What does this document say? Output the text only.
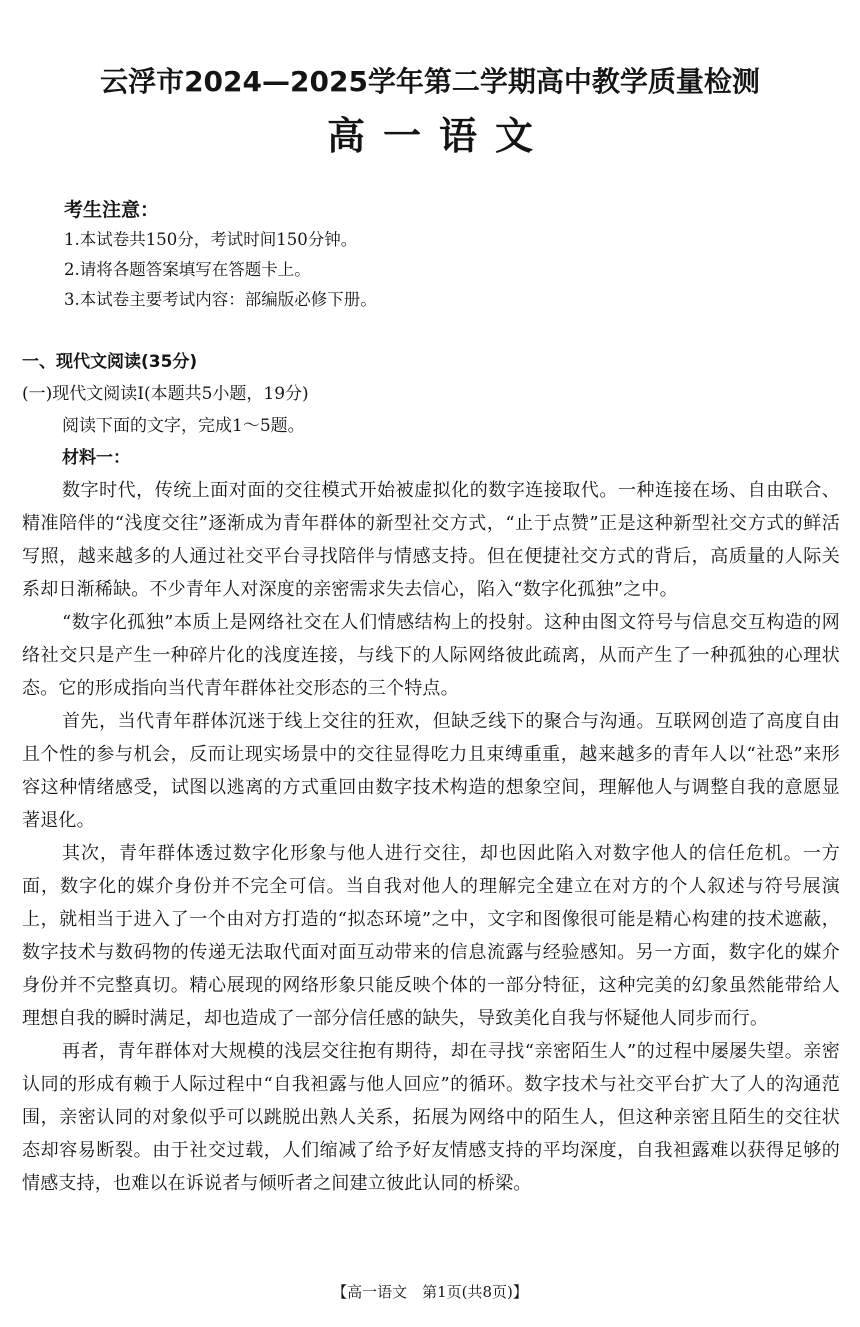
云浮市2024—2025学年第二学期高中教学质量检测
高一语文
考生注意：
1.本试卷共150分，考试时间150分钟。
2.请将各题答案填写在答题卡上。
3.本试卷主要考试内容：部编版必修下册。
一、现代文阅读(35分)
(一)现代文阅读Ⅰ(本题共5小题，19分)
阅读下面的文字，完成1～5题。
材料一：

数字时代，传统上面对面的交往模式开始被虚拟化的数字连接取代。一种连接在场、自由联合、精准陪伴的“浅度交往”逐渐成为青年群体的新型社交方式，“止于点赞”正是这种新型社交方式的鲜活写照，越来越多的人通过社交平台寻找陪伴与情感支持。但在便捷社交方式的背后，高质量的人际关系却日渐稀缺。不少青年人对深度的亲密需求失去信心，陷入“数字化孤独”之中。

“数字化孤独”本质上是网络社交在人们情感结构上的投射。这种由图文符号与信息交互构造的网络社交只是产生一种碎片化的浅度连接，与线下的人际网络彼此疏离，从而产生了一种孤独的心理状态。它的形成指向当代青年群体社交形态的三个特点。

首先，当代青年群体沉迷于线上交往的狂欢，但缺乏线下的聚合与沟通。互联网创造了高度自由且个性的参与机会，反而让现实场景中的交往显得吃力且束缚重重，越来越多的青年人以“社恐”来形容这种情绪感受，试图以逃离的方式重回由数字技术构造的想象空间，理解他人与调整自我的意愿显著退化。

其次，青年群体透过数字化形象与他人进行交往，却也因此陷入对数字他人的信任危机。一方面，数字化的媒介身份并不完全可信。当自我对他人的理解完全建立在对方的个人叙述与符号展演上，就相当于进入了一个由对方打造的“拟态环境”之中，文字和图像很可能是精心构建的技术遮蔽，数字技术与数码物的传递无法取代面对面互动带来的信息流露与经验感知。另一方面，数字化的媒介身份并不完整真切。精心展现的网络形象只能反映个体的一部分特征，这种完美的幻象虽然能带给人理想自我的瞬时满足，却也造成了一部分信任感的缺失，导致美化自我与怀疑他人同步而行。

再者，青年群体对大规模的浅层交往抱有期待，却在寻找“亲密陌生人”的过程中屡屡失望。亲密认同的形成有赖于人际过程中“自我袒露与他人回应”的循环。数字技术与社交平台扩大了人的沟通范围，亲密认同的对象似乎可以跳脱出熟人关系，拓展为网络中的陌生人，但这种亲密且陌生的交往状态却容易断裂。由于社交过载，人们缩减了给予好友情感支持的平均深度，自我袒露难以获得足够的情感支持，也难以在诉说者与倾听者之间建立彼此认同的桥梁。

【高一语文　第1页(共8页)】
